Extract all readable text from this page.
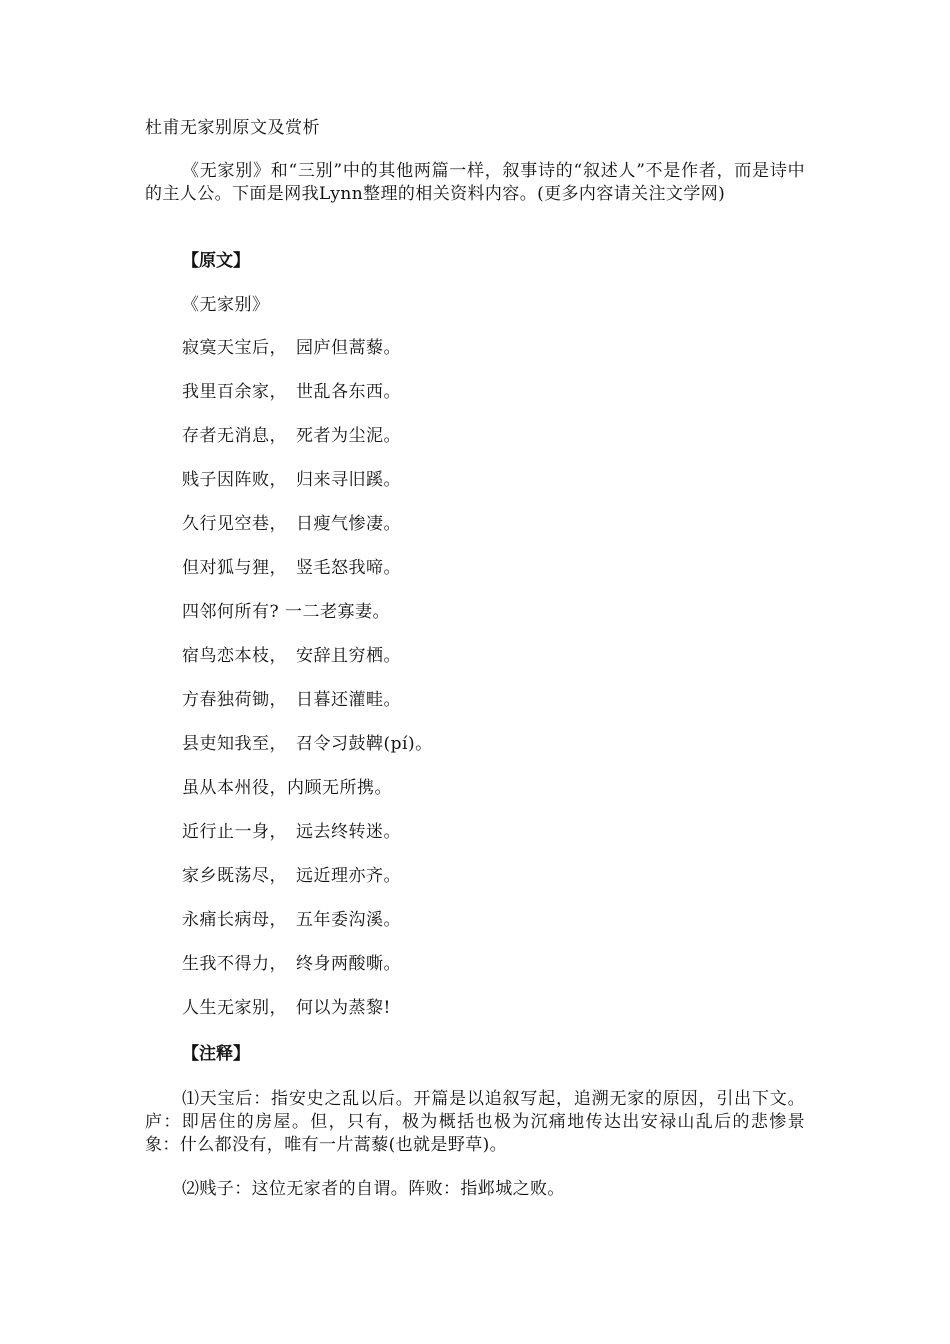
杜甫无家别原文及赏析
《无家别》和“三别”中的其他两篇一样，叙事诗的“叙述人”不是作者，而是诗中的主人公。下面是网我Lynn整理的相关资料内容。(更多内容请关注文学网)
【原文】
《无家别》
寂寞天宝后，　园庐但蒿藜。
我里百余家，　世乱各东西。
存者无消息，　死者为尘泥。
贱子因阵败，　归来寻旧蹊。
久行见空巷，　日瘦气惨凄。
但对狐与狸，　竖毛怒我啼。
四邻何所有? 一二老寡妻。
宿鸟恋本枝，　安辞且穷栖。
方春独荷锄，　日暮还灌畦。
县吏知我至，　召令习鼓鞞(pí)。
虽从本州役，内顾无所携。
近行止一身，　远去终转迷。
家乡既荡尽，　远近理亦齐。
永痛长病母，　五年委沟溪。
生我不得力，　终身两酸嘶。
人生无家别，　何以为蒸黎!
【注释】
⑴天宝后：指安史之乱以后。开篇是以追叙写起，追溯无家的原因，引出下文。庐：即居住的房屋。但，只有，极为概括也极为沉痛地传达出安禄山乱后的悲惨景象：什么都没有，唯有一片蒿藜(也就是野草)。
⑵贱子：这位无家者的自谓。阵败：指邺城之败。
